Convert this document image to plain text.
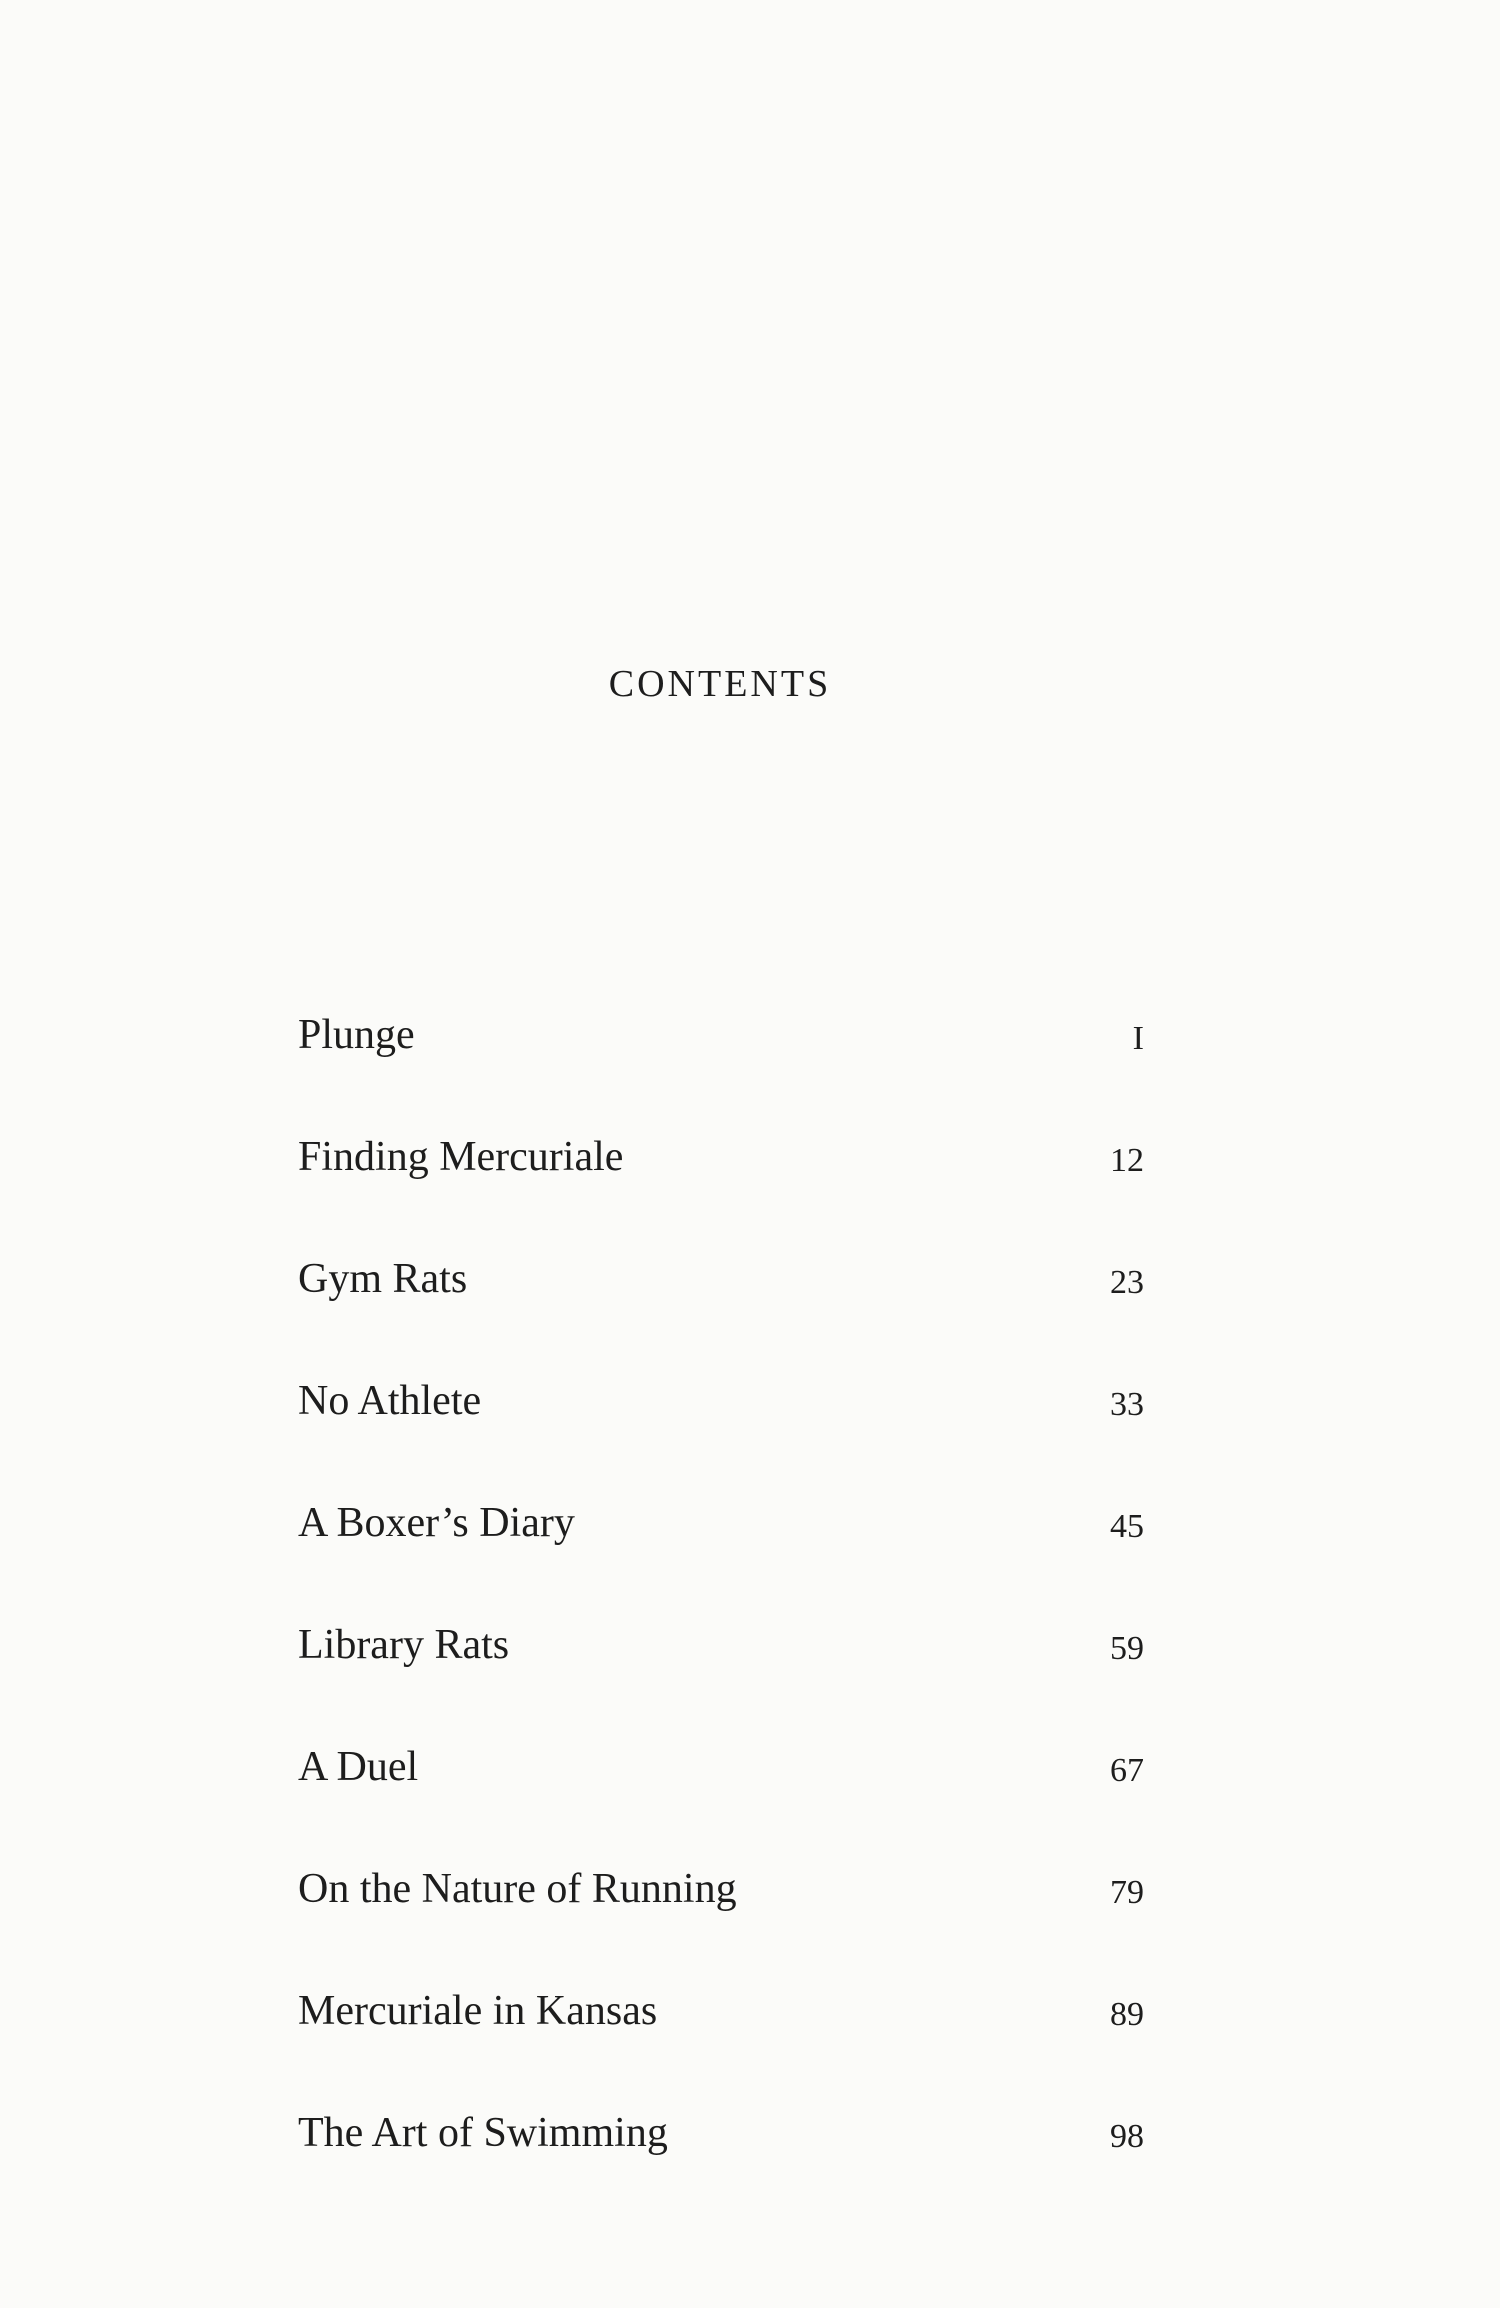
CONTENTS
Plunge	I
Finding Mercuriale	12
Gym Rats	23
No Athlete	33
A Boxer’s Diary	45
Library Rats	59
A Duel	67
On the Nature of Running	79
Mercuriale in Kansas	89
The Art of Swimming	98
